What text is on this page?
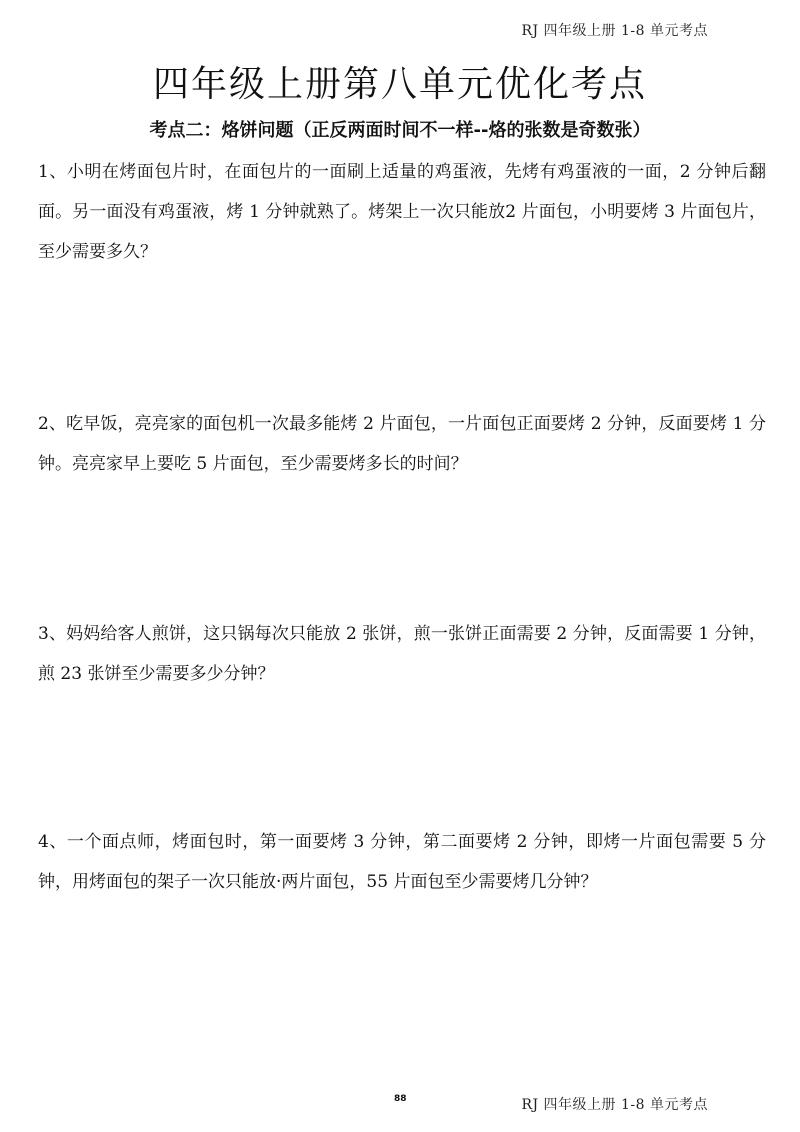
RJ 四年级上册 1-8 单元考点
四年级上册第八单元优化考点
考点二：烙饼问题（正反两面时间不一样--烙的张数是奇数张）

1、小明在烤面包片时，在面包片的一面刷上适量的鸡蛋液，先烤有鸡蛋液的一面，2 分钟后翻面。另一面没有鸡蛋液，烤 1 分钟就熟了。烤架上一次只能放2 片面包，小明要烤 3 片面包片，至少需要多久？

2、吃早饭，亮亮家的面包机一次最多能烤 2 片面包，一片面包正面要烤 2 分钟，反面要烤 1 分钟。亮亮家早上要吃 5 片面包，至少需要烤多长的时间？

3、妈妈给客人煎饼，这只锅每次只能放 2 张饼，煎一张饼正面需要 2 分钟，反面需要 1 分钟，煎 23 张饼至少需要多少分钟？

4、一个面点师，烤面包时，第一面要烤 3 分钟，第二面要烤 2 分钟，即烤一片面包需要 5 分钟，用烤面包的架子一次只能放·两片面包，55 片面包至少需要烤几分钟？

88	RJ 四年级上册 1-8 单元考点
